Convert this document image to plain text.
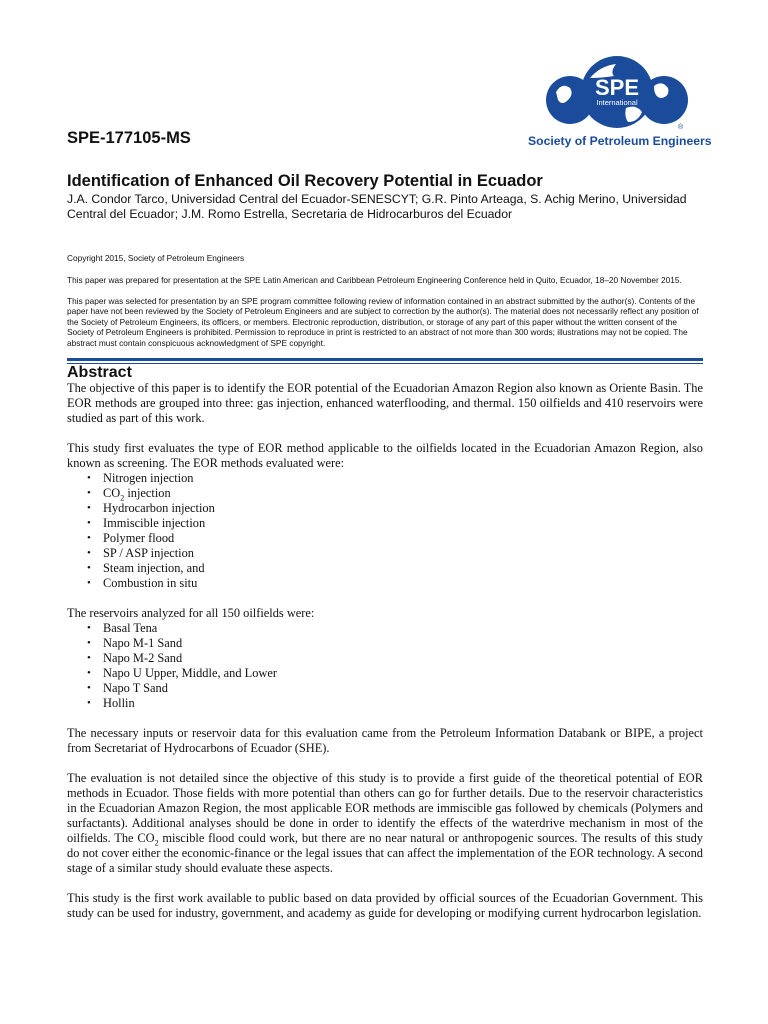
SPE
International
®
Society of Petroleum Engineers
SPE-177105-MS
Identification of Enhanced Oil Recovery Potential in Ecuador

J.A. Condor Tarco, Universidad Central del Ecuador-SENESCYT; G.R. Pinto Arteaga, S. Achig Merino, Universidad Central del Ecuador; J.M. Romo Estrella, Secretaria de Hidrocarburos del Ecuador

Copyright 2015, Society of Petroleum Engineers

This paper was prepared for presentation at the SPE Latin American and Caribbean Petroleum Engineering Conference held in Quito, Ecuador, 18–20 November 2015.

This paper was selected for presentation by an SPE program committee following review of information contained in an abstract submitted by the author(s). Contents of the paper have not been reviewed by the Society of Petroleum Engineers and are subject to correction by the author(s). The material does not necessarily reflect any position of the Society of Petroleum Engineers, its officers, or members. Electronic reproduction, distribution, or storage of any part of this paper without the written consent of the Society of Petroleum Engineers is prohibited. Permission to reproduce in print is restricted to an abstract of not more than 300 words; illustrations may not be copied. The abstract must contain conspicuous acknowledgment of SPE copyright.

Abstract

The objective of this paper is to identify the EOR potential of the Ecuadorian Amazon Region also known as Oriente Basin. The EOR methods are grouped into three: gas injection, enhanced waterflooding, and thermal. 150 oilfields and 410 reservoirs were studied as part of this work.

This study first evaluates the type of EOR method applicable to the oilfields located in the Ecuadorian Amazon Region, also known as screening. The EOR methods evaluated were:

• Nitrogen injection
• $CO_2$ injection
• Hydrocarbon injection
• Immiscible injection
• Polymer flood
• SP / ASP injection
• Steam injection, and
• Combustion in situ

The reservoirs analyzed for all 150 oilfields were:

• Basal Tena
• Napo M-1 Sand
• Napo M-2 Sand
• Napo U Upper, Middle, and Lower
• Napo T Sand
• Hollin

The necessary inputs or reservoir data for this evaluation came from the Petroleum Information Databank or BIPE, a project from Secretariat of Hydrocarbons of Ecuador (SHE).

The evaluation is not detailed since the objective of this study is to provide a first guide of the theoretical potential of EOR methods in Ecuador. Those fields with more potential than others can go for further details. Due to the reservoir characteristics in the Ecuadorian Amazon Region, the most applicable EOR methods are immiscible gas followed by chemicals (Polymers and surfactants). Additional analyses should be done in order to identify the effects of the waterdrive mechanism in most of the oilfields. The $CO_2$ miscible flood could work, but there are no near natural or anthropogenic sources. The results of this study do not cover either the economic-finance or the legal issues that can affect the implementation of the EOR technology. A second stage of a similar study should evaluate these aspects.

This study is the first work available to public based on data provided by official sources of the Ecuadorian Government. This study can be used for industry, government, and academy as guide for developing or modifying current hydrocarbon legislation.
